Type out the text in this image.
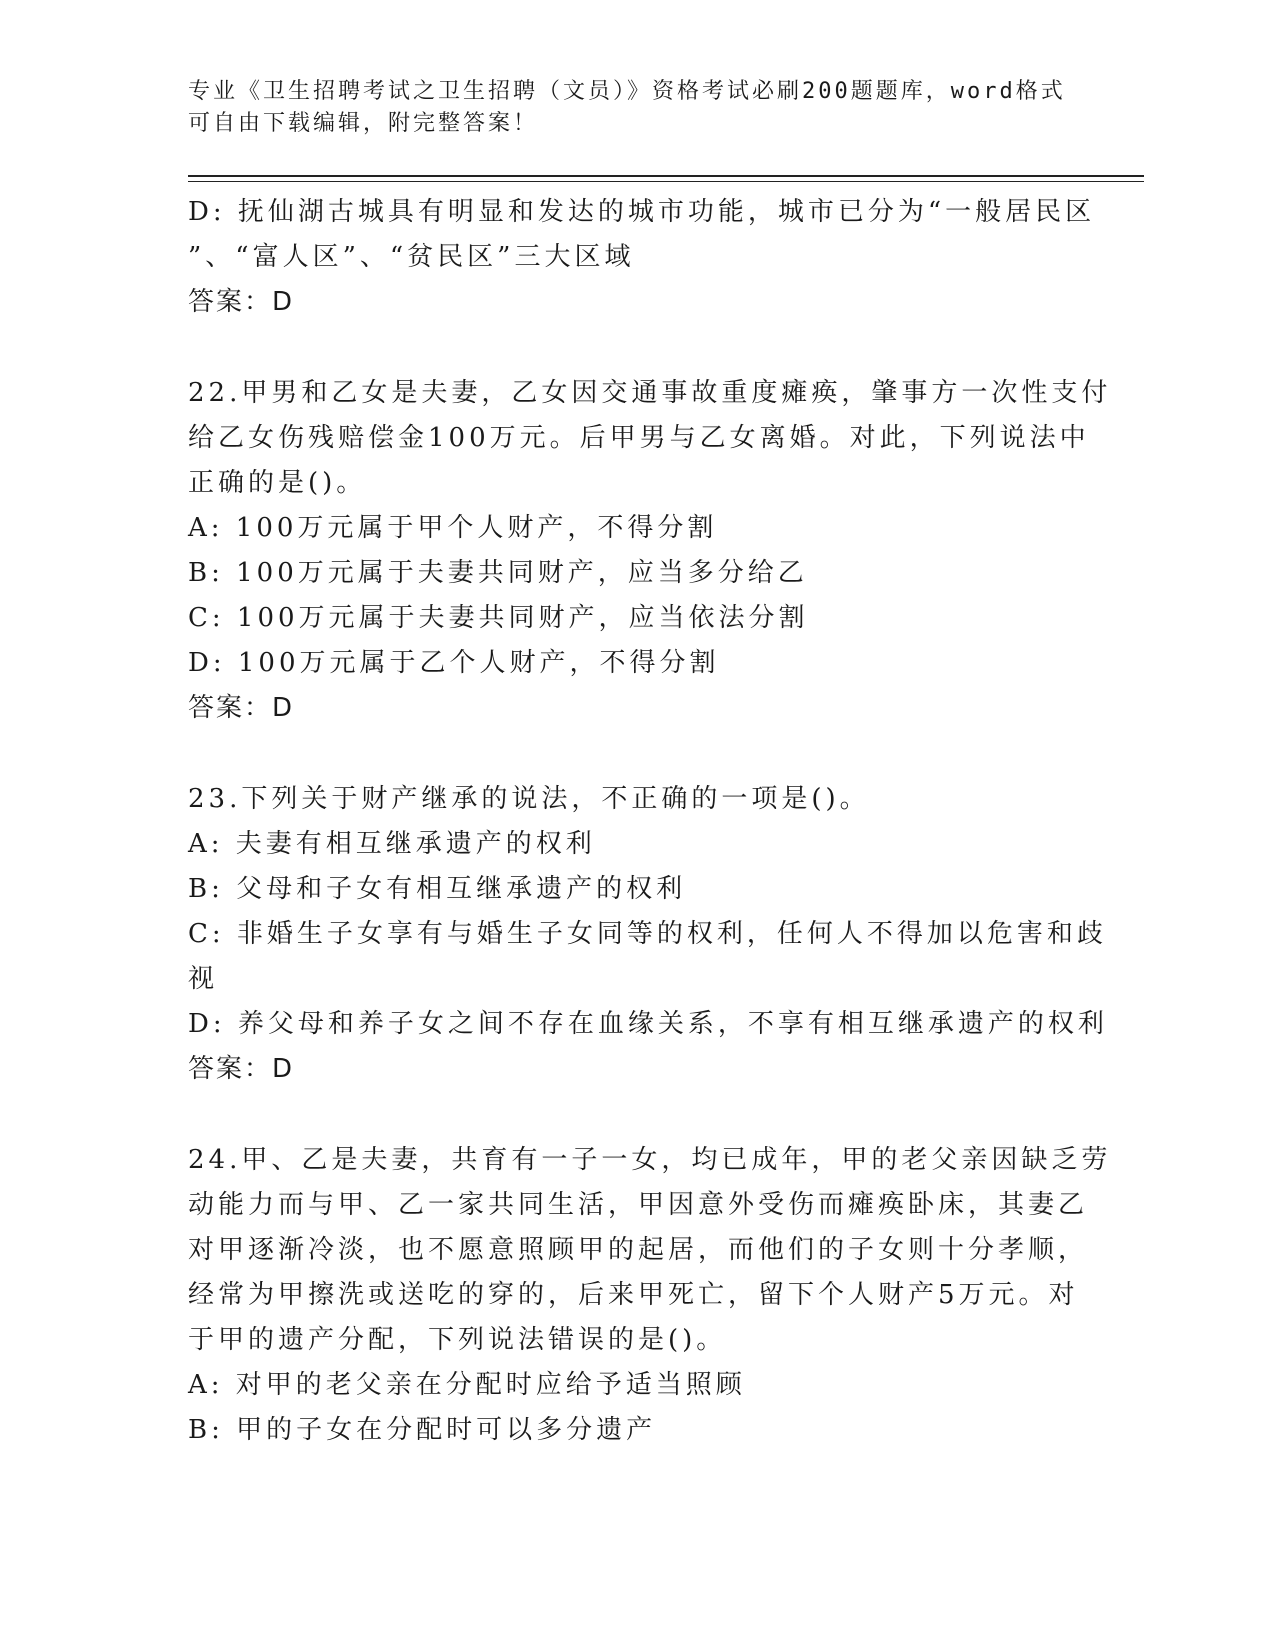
专业《卫生招聘考试之卫生招聘（文员）》资格考试必刷200题题库，word格式
可自由下载编辑，附完整答案！
D: 抚仙湖古城具有明显和发达的城市功能，城市已分为“一般居民区
”、“富人区”、“贫民区”三大区域
答案：D
22.甲男和乙女是夫妻，乙女因交通事故重度瘫痪，肇事方一次性支付
给乙女伤残赔偿金100万元。后甲男与乙女离婚。对此，下列说法中
正确的是()。
A: 100万元属于甲个人财产，不得分割
B: 100万元属于夫妻共同财产，应当多分给乙
C: 100万元属于夫妻共同财产，应当依法分割
D: 100万元属于乙个人财产，不得分割
答案：D
23.下列关于财产继承的说法，不正确的一项是()。
A: 夫妻有相互继承遗产的权利
B: 父母和子女有相互继承遗产的权利
C: 非婚生子女享有与婚生子女同等的权利，任何人不得加以危害和歧
视
D: 养父母和养子女之间不存在血缘关系，不享有相互继承遗产的权利
答案：D
24.甲、乙是夫妻，共育有一子一女，均已成年，甲的老父亲因缺乏劳
动能力而与甲、乙一家共同生活，甲因意外受伤而瘫痪卧床，其妻乙
对甲逐渐冷淡，也不愿意照顾甲的起居，而他们的子女则十分孝顺，
经常为甲擦洗或送吃的穿的，后来甲死亡，留下个人财产5万元。对
于甲的遗产分配，下列说法错误的是()。
A: 对甲的老父亲在分配时应给予适当照顾
B: 甲的子女在分配时可以多分遗产
